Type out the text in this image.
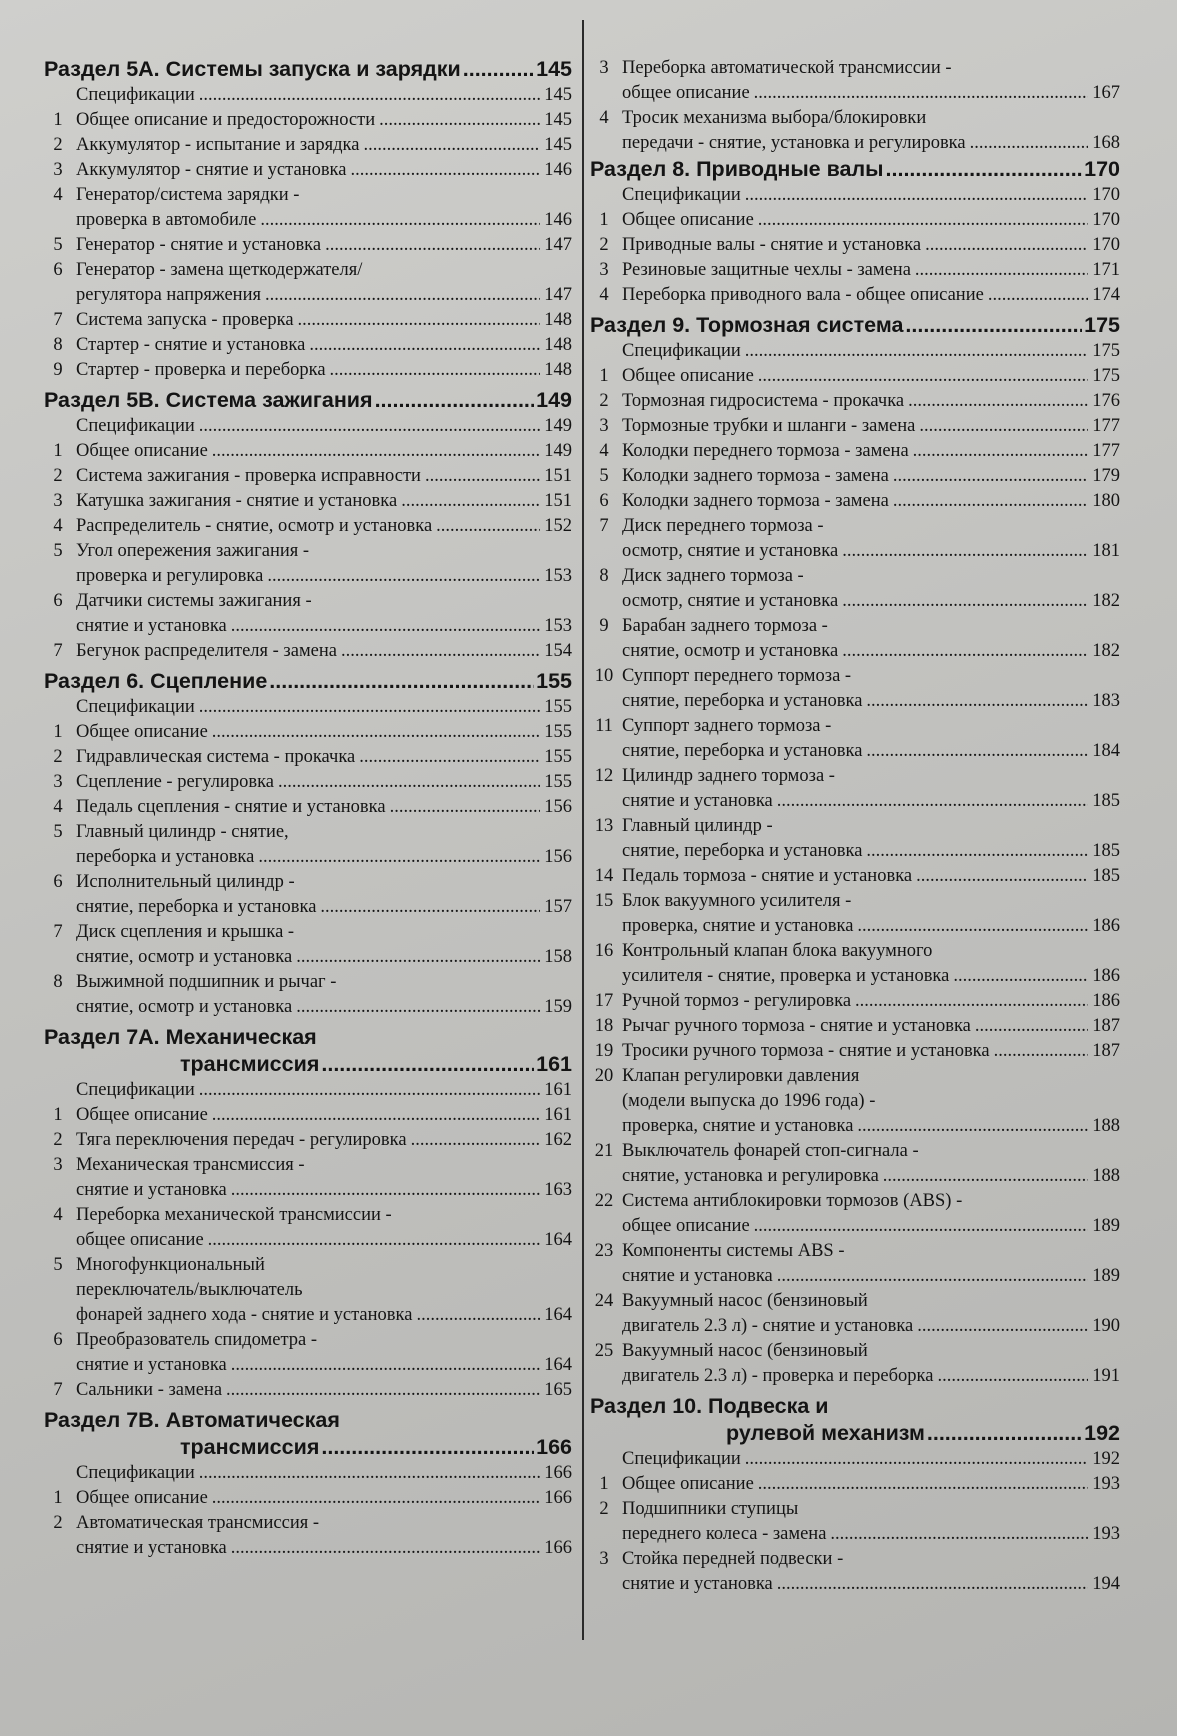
Раздел 5А. Системы запуска и зарядки .....	145
Спецификации .....	145
1 Общее описание и предосторожности .....	145
2 Аккумулятор - испытание и зарядка .....	145
3 Аккумулятор - снятие и установка .....	146
4 Генератор/система зарядки -
проверка в автомобиле .....	146
5 Генератор - снятие и установка .....	147
6 Генератор - замена щеткодержателя/
регулятора напряжения .....	147
7 Система запуска - проверка .....	148
8 Стартер - снятие и установка .....	148
9 Стартер - проверка и переборка .....	148
Раздел 5В. Система зажигания .....	149
Спецификации .....	149
1 Общее описание .....	149
2 Система зажигания - проверка исправности .....	151
3 Катушка зажигания - снятие и установка .....	151
4 Распределитель - снятие, осмотр и установка .....	152
5 Угол опережения зажигания -
проверка и регулировка .....	153
6 Датчики системы зажигания -
снятие и установка .....	153
7 Бегунок распределителя - замена .....	154
Раздел 6. Сцепление .....	155
Спецификации .....	155
1 Общее описание .....	155
2 Гидравлическая система - прокачка .....	155
3 Сцепление - регулировка .....	155
4 Педаль сцепления - снятие и установка .....	156
5 Главный цилиндр - снятие,
переборка и установка .....	156
6 Исполнительный цилиндр -
снятие, переборка и установка .....	157
7 Диск сцепления и крышка -
снятие, осмотр и установка .....	158
8 Выжимной подшипник и рычаг -
снятие, осмотр и установка .....	159
Раздел 7А. Механическая
трансмиссия .....	161
Спецификации .....	161
1 Общее описание .....	161
2 Тяга переключения передач - регулировка .....	162
3 Механическая трансмиссия -
снятие и установка .....	163
4 Переборка механической трансмиссии -
общее описание .....	164
5 Многофункциональный
переключатель/выключатель
фонарей заднего хода - снятие и установка .....	164
6 Преобразователь спидометра -
снятие и установка .....	164
7 Сальники - замена .....	165
Раздел 7В. Автоматическая
трансмиссия .....	166
Спецификации .....	166
1 Общее описание .....	166
2 Автоматическая трансмиссия -
снятие и установка .....	166
3 Переборка автоматической трансмиссии -
общее описание .....	167
4 Тросик механизма выбора/блокировки
передачи - снятие, установка и регулировка .....	168
Раздел 8. Приводные валы .....	170
Спецификации .....	170
1 Общее описание .....	170
2 Приводные валы - снятие и установка .....	170
3 Резиновые защитные чехлы - замена .....	171
4 Переборка приводного вала - общее описание .....	174
Раздел 9. Тормозная система .....	175
Спецификации .....	175
1 Общее описание .....	175
2 Тормозная гидросистема - прокачка .....	176
3 Тормозные трубки и шланги - замена .....	177
4 Колодки переднего тормоза - замена .....	177
5 Колодки заднего тормоза - замена .....	179
6 Колодки заднего тормоза - замена .....	180
7 Диск переднего тормоза -
осмотр, снятие и установка .....	181
8 Диск заднего тормоза -
осмотр, снятие и установка .....	182
9 Барабан заднего тормоза -
снятие, осмотр и установка .....	182
10 Суппорт переднего тормоза -
снятие, переборка и установка .....	183
11 Суппорт заднего тормоза -
снятие, переборка и установка .....	184
12 Цилиндр заднего тормоза -
снятие и установка .....	185
13 Главный цилиндр -
снятие, переборка и установка .....	185
14 Педаль тормоза - снятие и установка .....	185
15 Блок вакуумного усилителя -
проверка, снятие и установка .....	186
16 Контрольный клапан блока вакуумного
усилителя - снятие, проверка и установка .....	186
17 Ручной тормоз - регулировка .....	186
18 Рычаг ручного тормоза - снятие и установка .....	187
19 Тросики ручного тормоза - снятие и установка .....	187
20 Клапан регулировки давления
(модели выпуска до 1996 года) -
проверка, снятие и установка .....	188
21 Выключатель фонарей стоп-сигнала -
снятие, установка и регулировка .....	188
22 Система антиблокировки тормозов (ABS) -
общее описание .....	189
23 Компоненты системы ABS -
снятие и установка .....	189
24 Вакуумный насос (бензиновый
двигатель 2.3 л) - снятие и установка .....	190
25 Вакуумный насос (бензиновый
двигатель 2.3 л) - проверка и переборка .....	191
Раздел 10. Подвеска и
рулевой механизм .....	192
Спецификации .....	192
1 Общее описание .....	193
2 Подшипники ступицы
переднего колеса - замена .....	193
3 Стойка передней подвески -
снятие и установка .....	194
